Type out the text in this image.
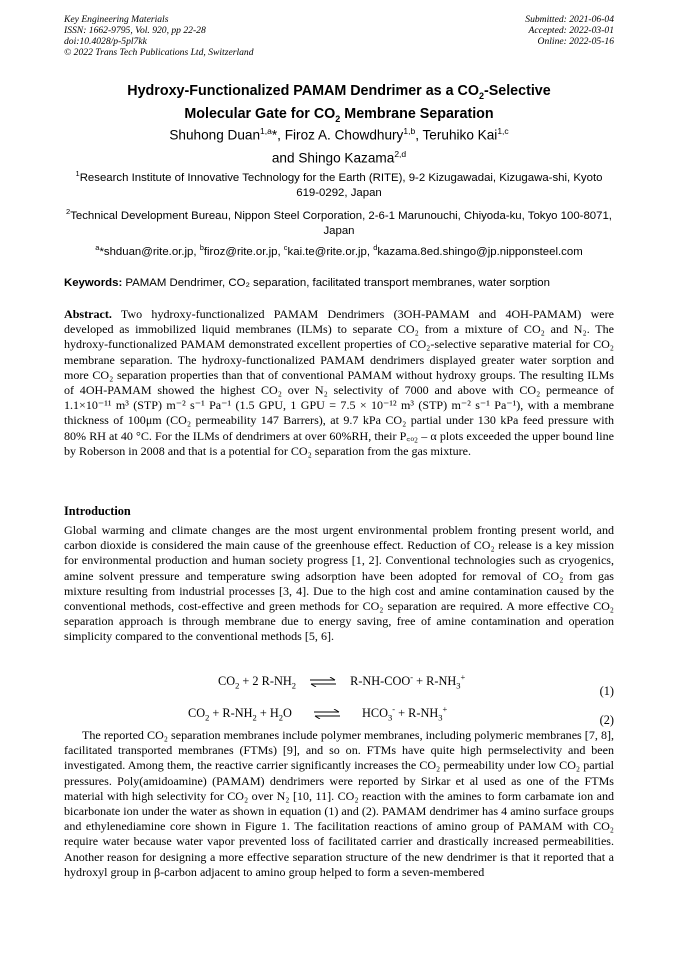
Key Engineering Materials
ISSN: 1662-9795, Vol. 920, pp 22-28
doi:10.4028/p-5pl7kk
© 2022 Trans Tech Publications Ltd, Switzerland
Submitted: 2021-06-04
Accepted: 2022-03-01
Online: 2022-05-16
Hydroxy-Functionalized PAMAM Dendrimer as a $CO_2$-Selective
Molecular Gate for $CO_2$ Membrane Separation
Shuhong Duan$^{1,a}$*, Firoz A. Chowdhury$^{1,b}$, Teruhiko Kai$^{1,c}$
and Shingo Kazama$^{2,d}$
$^1$Research Institute of Innovative Technology for the Earth (RITE), 9-2 Kizugawadai, Kizugawa-shi, Kyoto 619-0292, Japan
$^2$Technical Development Bureau, Nippon Steel Corporation, 2-6-1 Marunouchi, Chiyoda-ku, Tokyo 100-8071, Japan
$^a$*shduan@rite.or.jp, $^b$firoz@rite.or.jp, $^c$kai.te@rite.or.jp, $^d$kazama.8ed.shingo@jp.nipponsteel.com
Keywords: PAMAM Dendrimer, CO₂ separation, facilitated transport membranes, water sorption
Abstract. Two hydroxy-functionalized PAMAM Dendrimers (3OH-PAMAM and 4OH-PAMAM) were developed as immobilized liquid membranes (ILMs) to separate CO₂ from a mixture of CO₂ and N₂. The hydroxy-functionalized PAMAM demonstrated excellent properties of CO₂-selective separative material for CO₂ membrane separation. The hydroxy-functionalized PAMAM dendrimers displayed greater water sorption and more CO₂ separation properties than that of conventional PAMAM without hydroxy groups. The resulting ILMs of 4OH-PAMAM showed the highest CO₂ over N₂ selectivity of 7000 and above with CO₂ permeance of 1.1×10⁻¹¹ m³ (STP) m⁻² s⁻¹ Pa⁻¹ (1.5 GPU, 1 GPU = 7.5 × 10⁻¹² m³ (STP) m⁻² s⁻¹ Pa⁻¹), with a membrane thickness of 100μm (CO₂ permeability 147 Barrers), at 9.7 kPa CO₂ partial under 130 kPa feed pressure with 80% RH at 40 °C. For the ILMs of dendrimers at over 60%RH, their P꜀ₒ₂ – α plots exceeded the upper bound line by Roberson in 2008 and that is a potential for CO₂ separation from the gas mixture.
Introduction
Global warming and climate changes are the most urgent environmental problem fronting present world, and carbon dioxide is considered the main cause of the greenhouse effect. Reduction of CO₂ release is a key mission for environmental production and human society progress [1, 2]. Conventional technologies such as cryogenics, amine solvent pressure and temperature swing adsorption have been adopted for removal of CO₂ from gas mixture resulting from industrial processes [3, 4]. Due to the high cost and amine contamination caused by the conventional methods, cost-effective and green methods for CO₂ separation are required. A more effective CO₂ separation approach is through membrane due to energy saving, free of amine contamination and operation simplicity compared to the conventional methods [5, 6].
$CO_2 + 2$ $R-NH_2$ ⇌ $R-NH-COO^- + R-NH_3^+$
(1)
$CO_2 + R-NH_2 + H_2O$	$HCO_3^- + R-NH_3^+$
(2)
The reported CO₂ separation membranes include polymer membranes, including polymeric membranes [7, 8], facilitated transported membranes (FTMs) [9], and so on. FTMs have quite high permselectivity and been investigated. Among them, the reactive carrier significantly increases the CO₂ permeability under low CO₂ partial pressures. Poly(amidoamine) (PAMAM) dendrimers were reported by Sirkar et al used as one of the FTMs material with high selectivity for CO₂ over N₂ [10, 11]. CO₂ reaction with the amines to form carbamate ion and bicarbonate ion under the water as shown in equation (1) and (2). PAMAM dendrimer has 4 amino surface groups and ethylenediamine core shown in Figure 1. The facilitation reactions of amino group of PAMAM with CO₂ require water because water vapor prevented loss of facilitated carrier and drastically increased permeabilities. Another reason for designing a more effective separation structure of the new dendrimer is that it reported that a hydroxyl group in β-carbon adjacent to amino group helped to form a seven-membered
